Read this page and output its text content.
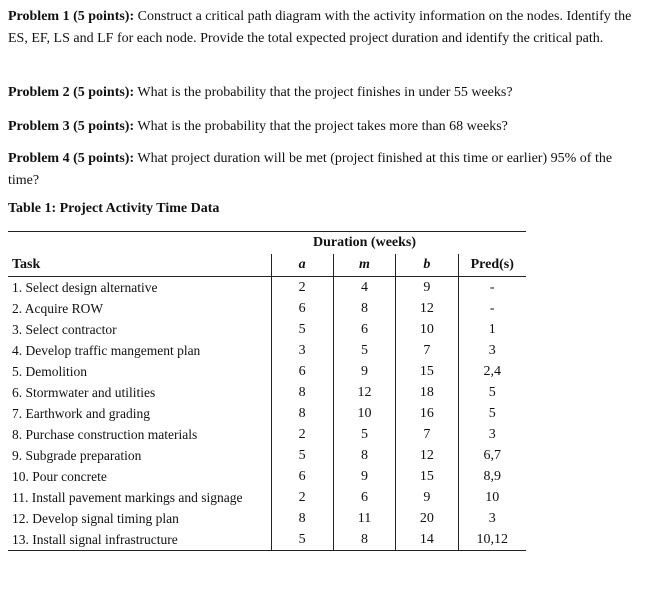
Problem 1 (5 points): Construct a critical path diagram with the activity information on the nodes. Identify the ES, EF, LS and LF for each node. Provide the total expected project duration and identify the critical path.
Problem 2 (5 points): What is the probability that the project finishes in under 55 weeks?
Problem 3 (5 points): What is the probability that the project takes more than 68 weeks?
Problem 4 (5 points): What project duration will be met (project finished at this time or earlier) 95% of the time?
Table 1: Project Activity Time Data
	Duration (weeks)			
Task	a	m	b	Pred(s)
1. Select design alternative	2	4	9	-
2. Acquire ROW	6	8	12	-
3. Select contractor	5	6	10	1
4. Develop traffic mangement plan	3	5	7	3
5. Demolition	6	9	15	2,4
6. Stormwater and utilities	8	12	18	5
7. Earthwork and grading	8	10	16	5
8. Purchase construction materials	2	5	7	3
9. Subgrade preparation	5	8	12	6,7
10. Pour concrete	6	9	15	8,9
11. Install pavement markings and signage	2	6	9	10
12. Develop signal timing plan	8	11	20	3
13. Install signal infrastructure	5	8	14	10,12
